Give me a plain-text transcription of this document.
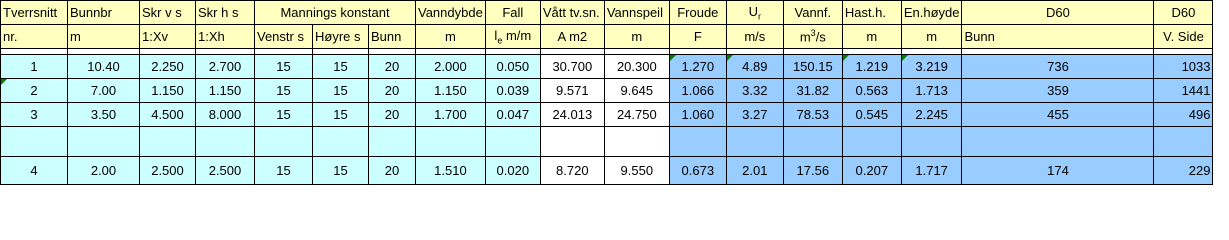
Tverrsnitt	Bunnbr	Skr v s	Skr h s	Mannings konstant			Vanndybde	Fall	Vått tv.sn.	Vannspeil	Froude	$U_r$	Vannf.	Hast.h.	En.høyde	D60	D60
nr.	m	1:Xv	1:Xh	Venstr s	Høyre s	Bunn	m	$l_e$ m/m	A m2	m	F	m/s	$m^3/s$	m	m	Bunn	V. Side

1	10.40	2.250	2.700	15	15	20	2.000	0.050	30.700	20.300	1.270	4.89	150.15	1.219	3.219	736	1033
2	7.00	1.150	1.150	15	15	20	1.150	0.039	9.571	9.645	1.066	3.32	31.82	0.563	1.713	359	1441
3	3.50	4.500	8.000	15	15	20	1.700	0.047	24.013	24.750	1.060	3.27	78.53	0.545	2.245	455	496

4	2.00	2.500	2.500	15	15	20	1.510	0.020	8.720	9.550	0.673	2.01	17.56	0.207	1.717	174	229
